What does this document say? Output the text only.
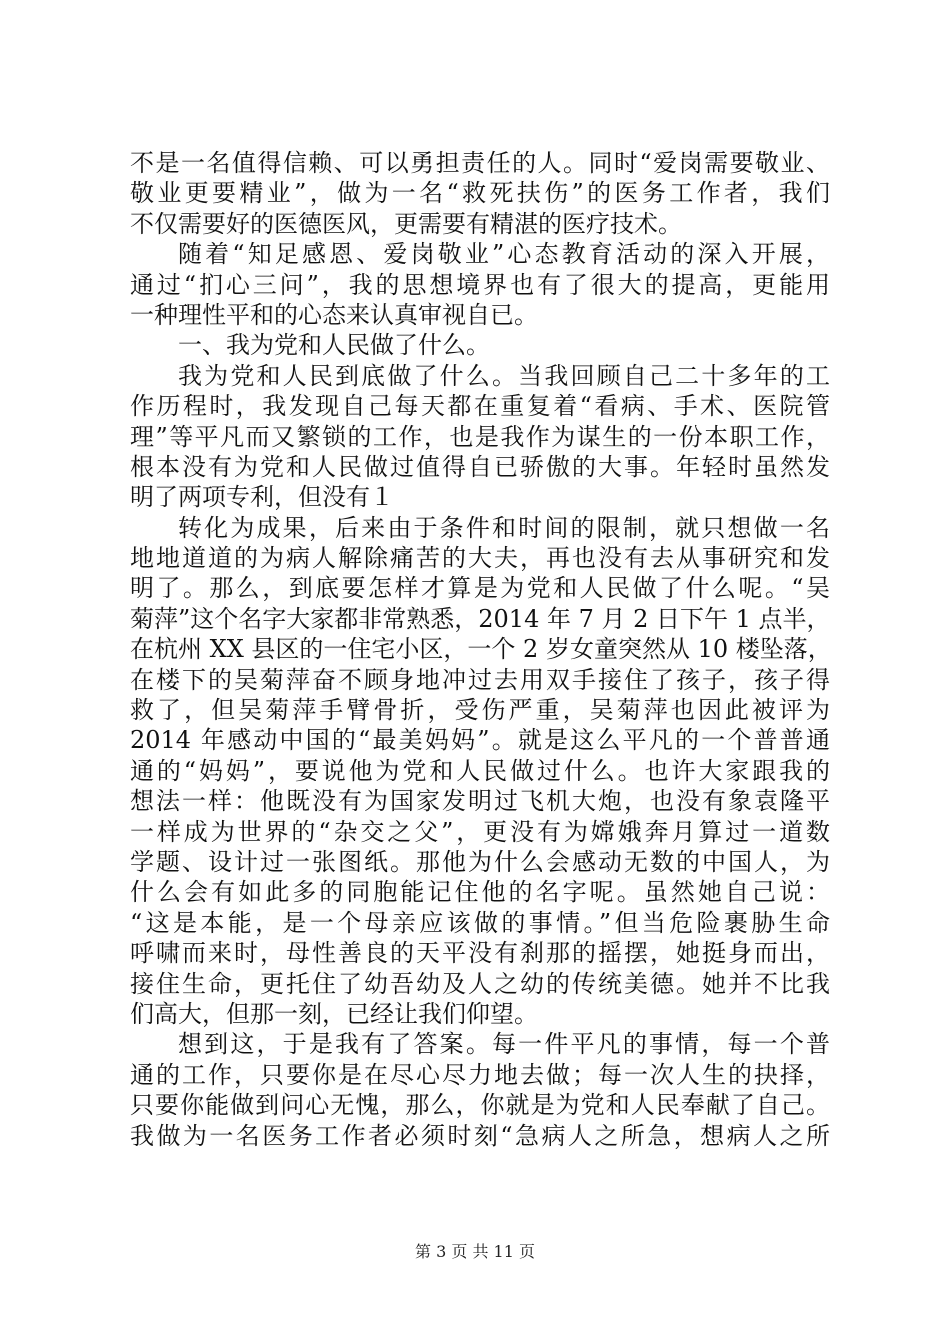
不是一名值得信赖、可以勇担责任的人。同时“爱岗需要敬业、
敬业更要精业”，做为一名“救死扶伤”的医务工作者，我们
不仅需要好的医德医风，更需要有精湛的医疗技术。
随着“知足感恩、爱岗敬业”心态教育活动的深入开展，
通过“扪心三问”，我的思想境界也有了很大的提高，更能用
一种理性平和的心态来认真审视自已。
一、我为党和人民做了什么。
我为党和人民到底做了什么。当我回顾自己二十多年的工
作历程时，我发现自己每天都在重复着“看病、手术、医院管
理”等平凡而又繁锁的工作，也是我作为谋生的一份本职工作，
根本没有为党和人民做过值得自已骄傲的大事。年轻时虽然发
明了两项专利，但没有１
转化为成果，后来由于条件和时间的限制，就只想做一名
地地道道的为病人解除痛苦的大夫，再也没有去从事研究和发
明了。那么，到底要怎样才算是为党和人民做了什么呢。“吴
菊萍”这个名字大家都非常熟悉，2014 年 7 月 2 日下午 1 点半，
在杭州 XX 县区的一住宅小区，一个 2 岁女童突然从 10 楼坠落，
在楼下的吴菊萍奋不顾身地冲过去用双手接住了孩子，孩子得
救了，但吴菊萍手臂骨折，受伤严重，吴菊萍也因此被评为
2014 年感动中国的“最美妈妈”。就是这么平凡的一个普普通
通的“妈妈”，要说他为党和人民做过什么。也许大家跟我的
想法一样：他既没有为国家发明过飞机大炮，也没有象袁隆平
一样成为世界的“杂交之父”，更没有为嫦娥奔月算过一道数
学题、设计过一张图纸。那他为什么会感动无数的中国人，为
什么会有如此多的同胞能记住他的名字呢。虽然她自己说：
“这是本能，是一个母亲应该做的事情。”但当危险裹胁生命
呼啸而来时，母性善良的天平没有刹那的摇摆，她挺身而出，
接住生命，更托住了幼吾幼及人之幼的传统美德。她并不比我
们高大，但那一刻，已经让我们仰望。
想到这，于是我有了答案。每一件平凡的事情，每一个普
通的工作，只要你是在尽心尽力地去做；每一次人生的抉择，
只要你能做到问心无愧，那么，你就是为党和人民奉献了自己。
我做为一名医务工作者必须时刻“急病人之所急，想病人之所
第 3 页 共 11 页
